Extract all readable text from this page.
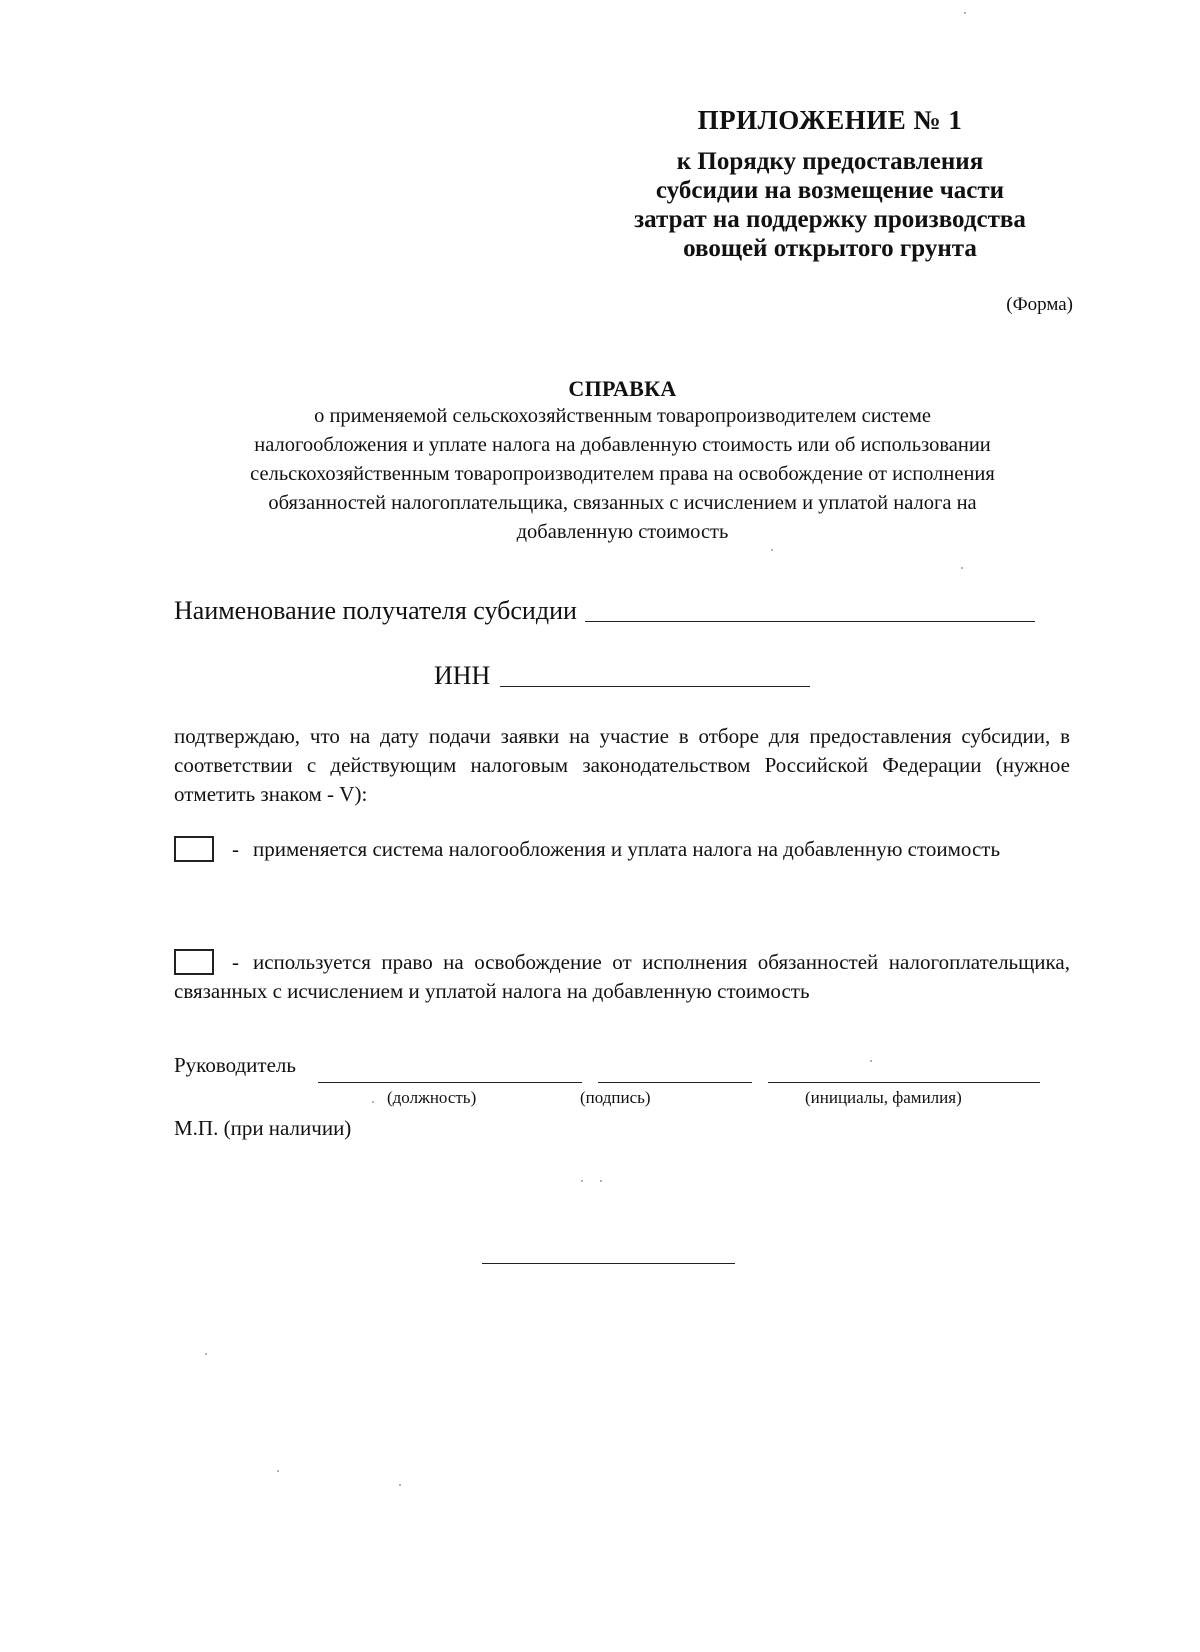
ПРИЛОЖЕНИЕ № 1
к Порядку предоставления
субсидии на возмещение части
затрат на поддержку производства
овощей открытого грунта
(Форма)
СПРАВКА
о применяемой сельскохозяйственным товаропроизводителем системе
налогообложения и уплате налога на добавленную стоимость или об использовании
сельскохозяйственным товаропроизводителем права на освобождение от исполнения
обязанностей налогоплательщика, связанных с исчислением и уплатой налога на
добавленную стоимость
Наименование получателя субсидии
ИНН
подтверждаю, что на дату подачи заявки на участие в отборе для предоставления субсидии, в соответствии с действующим налоговым законодательством Российской Федерации (нужное отметить знаком - V):
- применяется система налогообложения и уплата налога на добавленную стоимость
- используется право на освобождение от исполнения обязанностей налогоплательщика, связанных с исчислением и уплатой налога на добавленную стоимость
Руководитель
(должность)	(подпись)	(инициалы, фамилия)
М.П. (при наличии)
